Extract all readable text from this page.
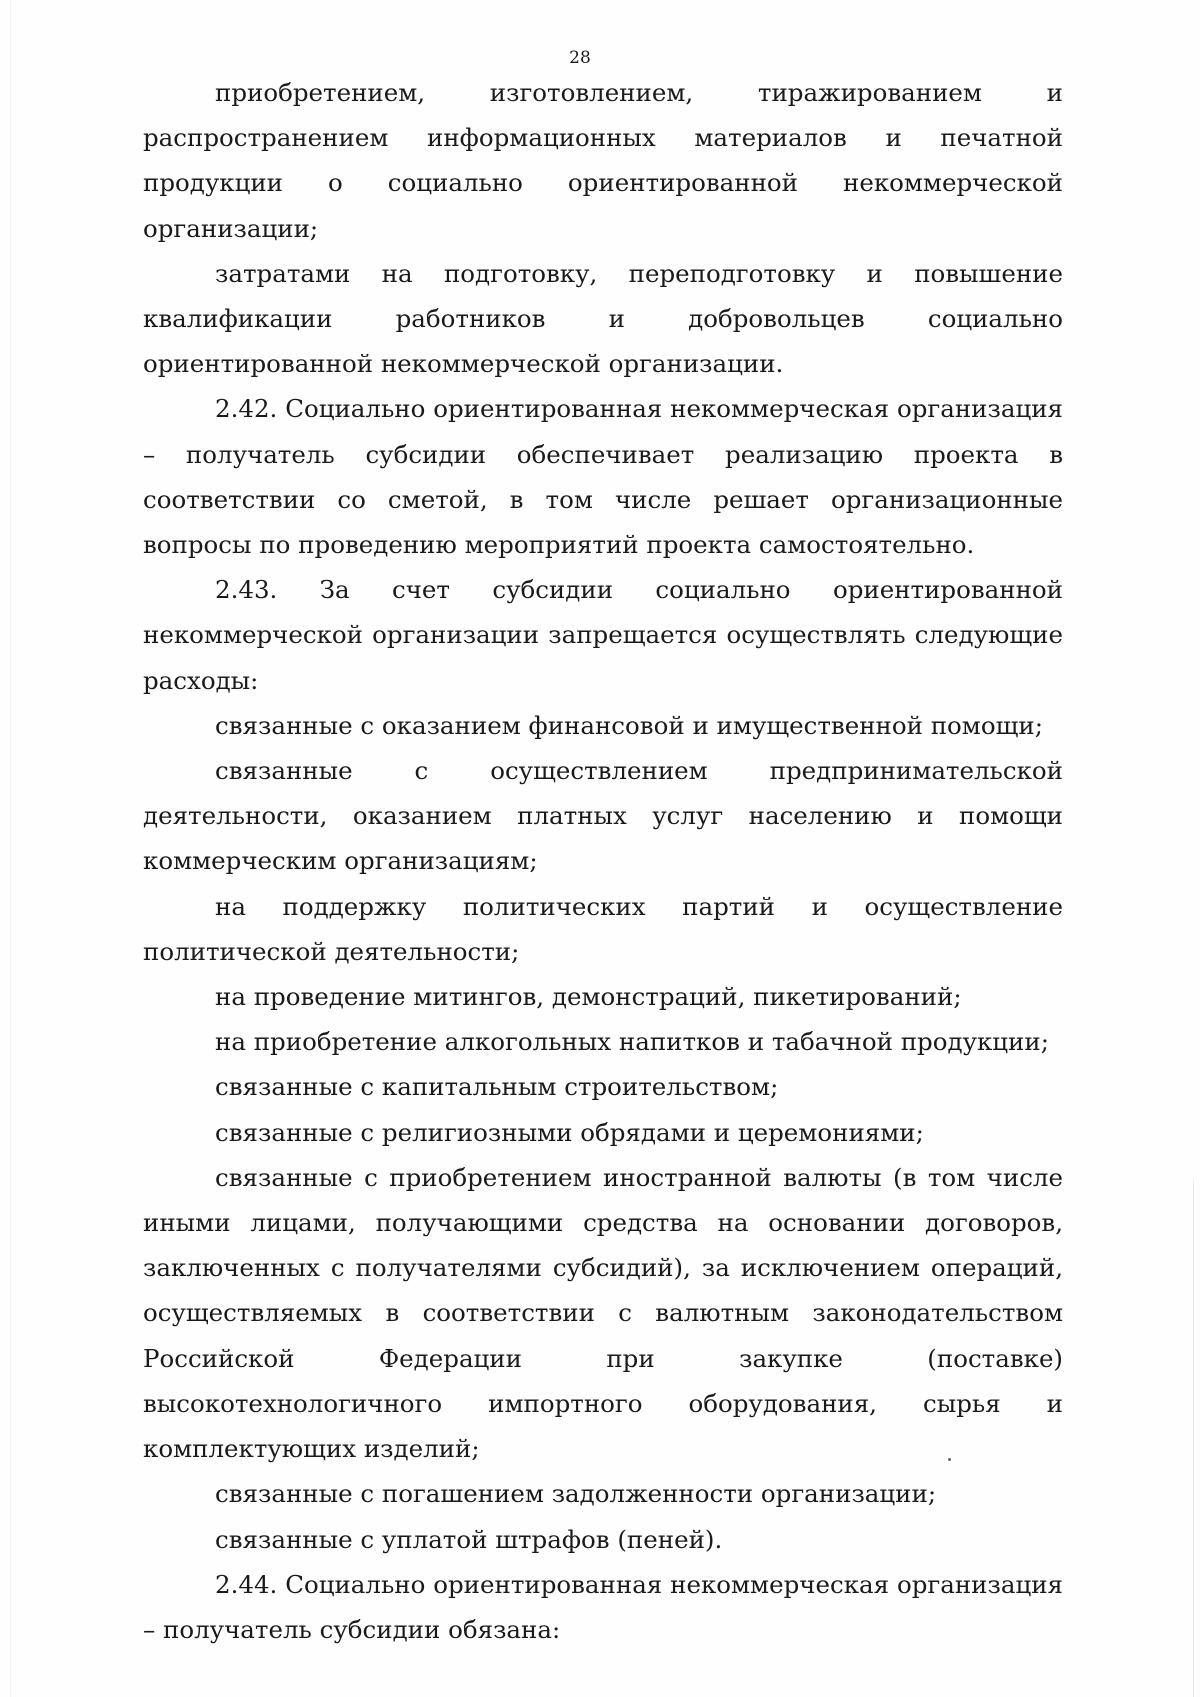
28

приобретением, изготовлением, тиражированием и распространением информационных материалов и печатной продукции о социально ориентированной некоммерческой организации;

затратами на подготовку, переподготовку и повышение квалификации работников и добровольцев социально ориентированной некоммерческой организации.

2.42. Социально ориентированная некоммерческая организация – получатель субсидии обеспечивает реализацию проекта в соответствии со сметой, в том числе решает организационные вопросы по проведению мероприятий проекта самостоятельно.

2.43. За счет субсидии социально ориентированной некоммерческой организации запрещается осуществлять следующие расходы:

связанные с оказанием финансовой и имущественной помощи;

связанные с осуществлением предпринимательской деятельности, оказанием платных услуг населению и помощи коммерческим организациям;

на поддержку политических партий и осуществление политической деятельности;

на проведение митингов, демонстраций, пикетирований;

на приобретение алкогольных напитков и табачной продукции;

связанные с капитальным строительством;

связанные с религиозными обрядами и церемониями;

связанные с приобретением иностранной валюты (в том числе иными лицами, получающими средства на основании договоров, заключенных с получателями субсидий), за исключением операций, осуществляемых в соответствии с валютным законодательством Российской Федерации при закупке (поставке) высокотехнологичного импортного оборудования, сырья и комплектующих изделий;

связанные с погашением задолженности организации;

связанные с уплатой штрафов (пеней).

2.44. Социально ориентированная некоммерческая организация – получатель субсидии обязана:
